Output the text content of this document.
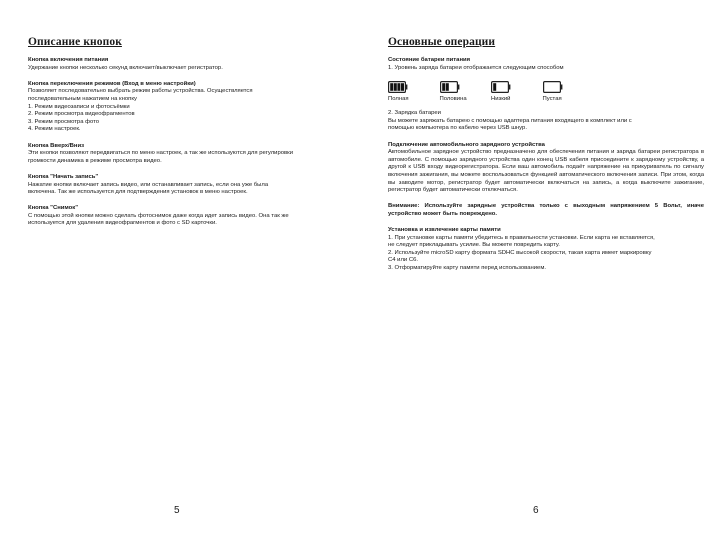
Описание кнопок

Кнопка включения питания

Удержание кнопки несколько секунд включает/выключает регистратор.

Кнопка переключения режимов (Вход в меню настройки)

Позволяет последовательно выбрать режим работы устройства. Осуществляется

последовательным нажатием на кнопку

1. Режим видеозаписи и фотосъёмки

2. Режим просмотра видеофрагментов

3. Режим просмотра фото

4. Режим настроек.

Кнопка Вверх/Вниз

Эти кнопки позволяют передвигаться по меню настроек, а так же используются для регулировки

громкости динамика в режиме просмотра видео.

Кнопка "Начать запись"

Нажатие кнопки включает запись видео, или останавливает запись, если она уже была

включена. Так же используется для подтверждения установок в меню настроек.

Кнопка "Снимок"

С помощью этой кнопки можно сделать фотоснимок даже когда идет запись видео. Она так же

используется для удаления видеофрагментов и фото с SD карточки.

5
Основные операции

Состояние батареи питания

1. Уровень заряда батареи отображается следующим способом

Полная	Половина	Низкий	Пустая

2. Зарядка батареи

Вы можете заряжать батарею с помощью адаптера питания входящего в комплект или с

помощью компьютера по кабелю через USB шнур.

Подключение автомобильного зарядного устройства

Автомобильное зарядное устройство предназначено для обеспечения питания и заряда батареи регистратора в автомобиле. С помощью зарядного устройства один конец USB кабеля присоедините к зарядному устройству, а другой к USB входу видеорегистратора. Если ваш автомобиль подаёт напряжение на прикуриватель по сигналу включения зажигания, вы можете воспользоваться функцией автоматического включения записи. При этом, когда вы заводите мотор, регистратор будет автоматически включаться на запись, а когда выключите зажигание, регистратор будет автоматически отключаться.

Внимание: Используйте зарядные устройства только с выходным напряжением 5 Вольт, иначе устройство может быть повреждено.

Установка и извлечение карты памяти

1. При установке карты памяти убедитесь в правильности установки. Если карта не вставляется,

не следует прикладывать усилие. Вы можете повредить карту.

2. Используйте microSD карту формата SDHC высокой скорости, такая карта имеет маркировку

C4 или C6.

3. Отформатируйте карту памяти перед использованием.

6
